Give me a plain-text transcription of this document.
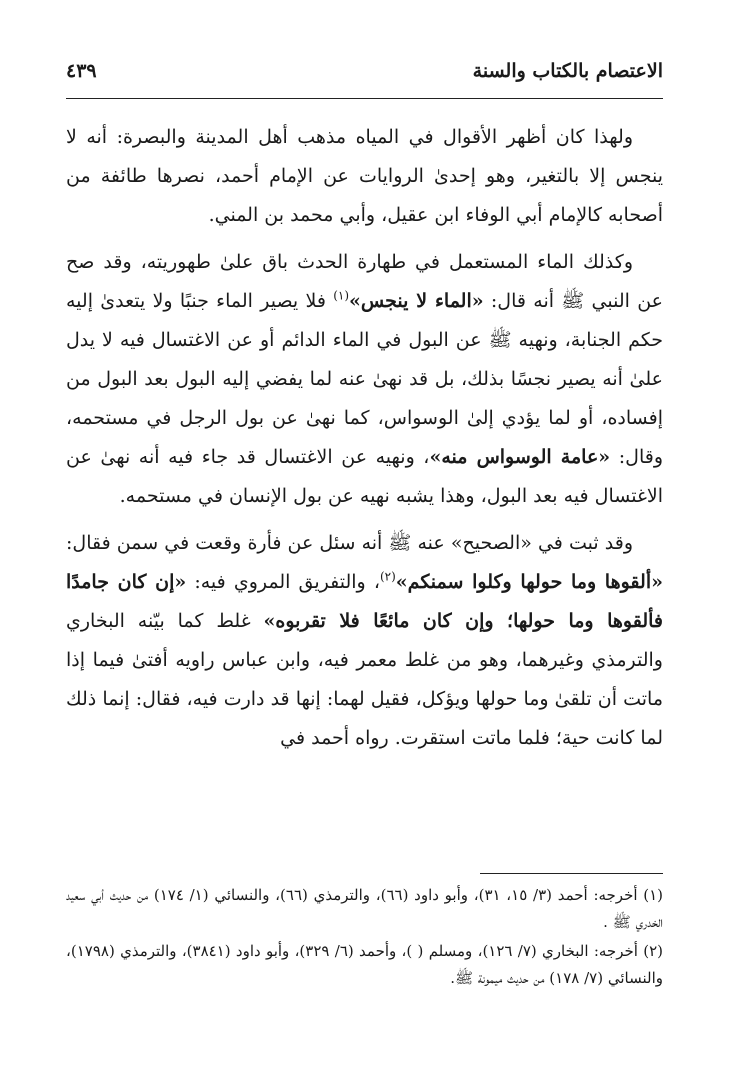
الاعتصام بالكتاب والسنة
٤٣٩

ولهذا كان أظهر الأقوال في المياه مذهب أهل المدينة والبصرة: أنه لا ينجس إلا بالتغير، وهو إحدىٰ الروايات عن الإمام أحمد، نصرها طائفة من أصحابه كالإمام أبي الوفاء ابن عقيل، وأبي محمد بن المني.

وكذلك الماء المستعمل في طهارة الحدث باق علىٰ طهوريته، وقد صح عن النبي ﷺ أنه قال: «الماء لا ينجس»$^{(١)}$ فلا يصير الماء جنبًا ولا يتعدىٰ إليه حكم الجنابة، ونهيه ﷺ عن البول في الماء الدائم أو عن الاغتسال فيه لا يدل علىٰ أنه يصير نجسًا بذلك، بل قد نهىٰ عنه لما يفضي إليه البول بعد البول من إفساده، أو لما يؤدي إلىٰ الوسواس، كما نهىٰ عن بول الرجل في مستحمه، وقال: «عامة الوسواس منه»، ونهيه عن الاغتسال قد جاء فيه أنه نهىٰ عن الاغتسال فيه بعد البول، وهذا يشبه نهيه عن بول الإنسان في مستحمه.

وقد ثبت في «الصحيح» عنه ﷺ أنه سئل عن فأرة وقعت في سمن فقال: «ألقوها وما حولها وكلوا سمنكم»$^{(٢)}$، والتفريق المروي فيه: «إن كان جامدًا فألقوها وما حولها؛ وإن كان مائعًا فلا تقربوه» غلط كما بيّنه البخاري والترمذي وغيرهما، وهو من غلط معمر فيه، وابن عباس راويه أفتىٰ فيما إذا ماتت أن تلقىٰ وما حولها ويؤكل، فقيل لهما: إنها قد دارت فيه، فقال: إنما ذلك لما كانت حية؛ فلما ماتت استقرت. رواه أحمد في

(١) أخرجه: أحمد (٣/ ١٥، ٣١)، وأبو داود (٦٦)، والترمذي (٦٦)، والنسائي (١/ ١٧٤) من حديث أبي سعيد الخدري ﷺ .
(٢) أخرجه: البخاري (٧/ ١٢٦)، ومسلم ( )، وأحمد (٦/ ٣٢٩)، وأبو داود (٣٨٤١)، والترمذي (١٧٩٨)، والنسائي (٧/ ١٧٨) من حديث ميمونة ﷺ.
